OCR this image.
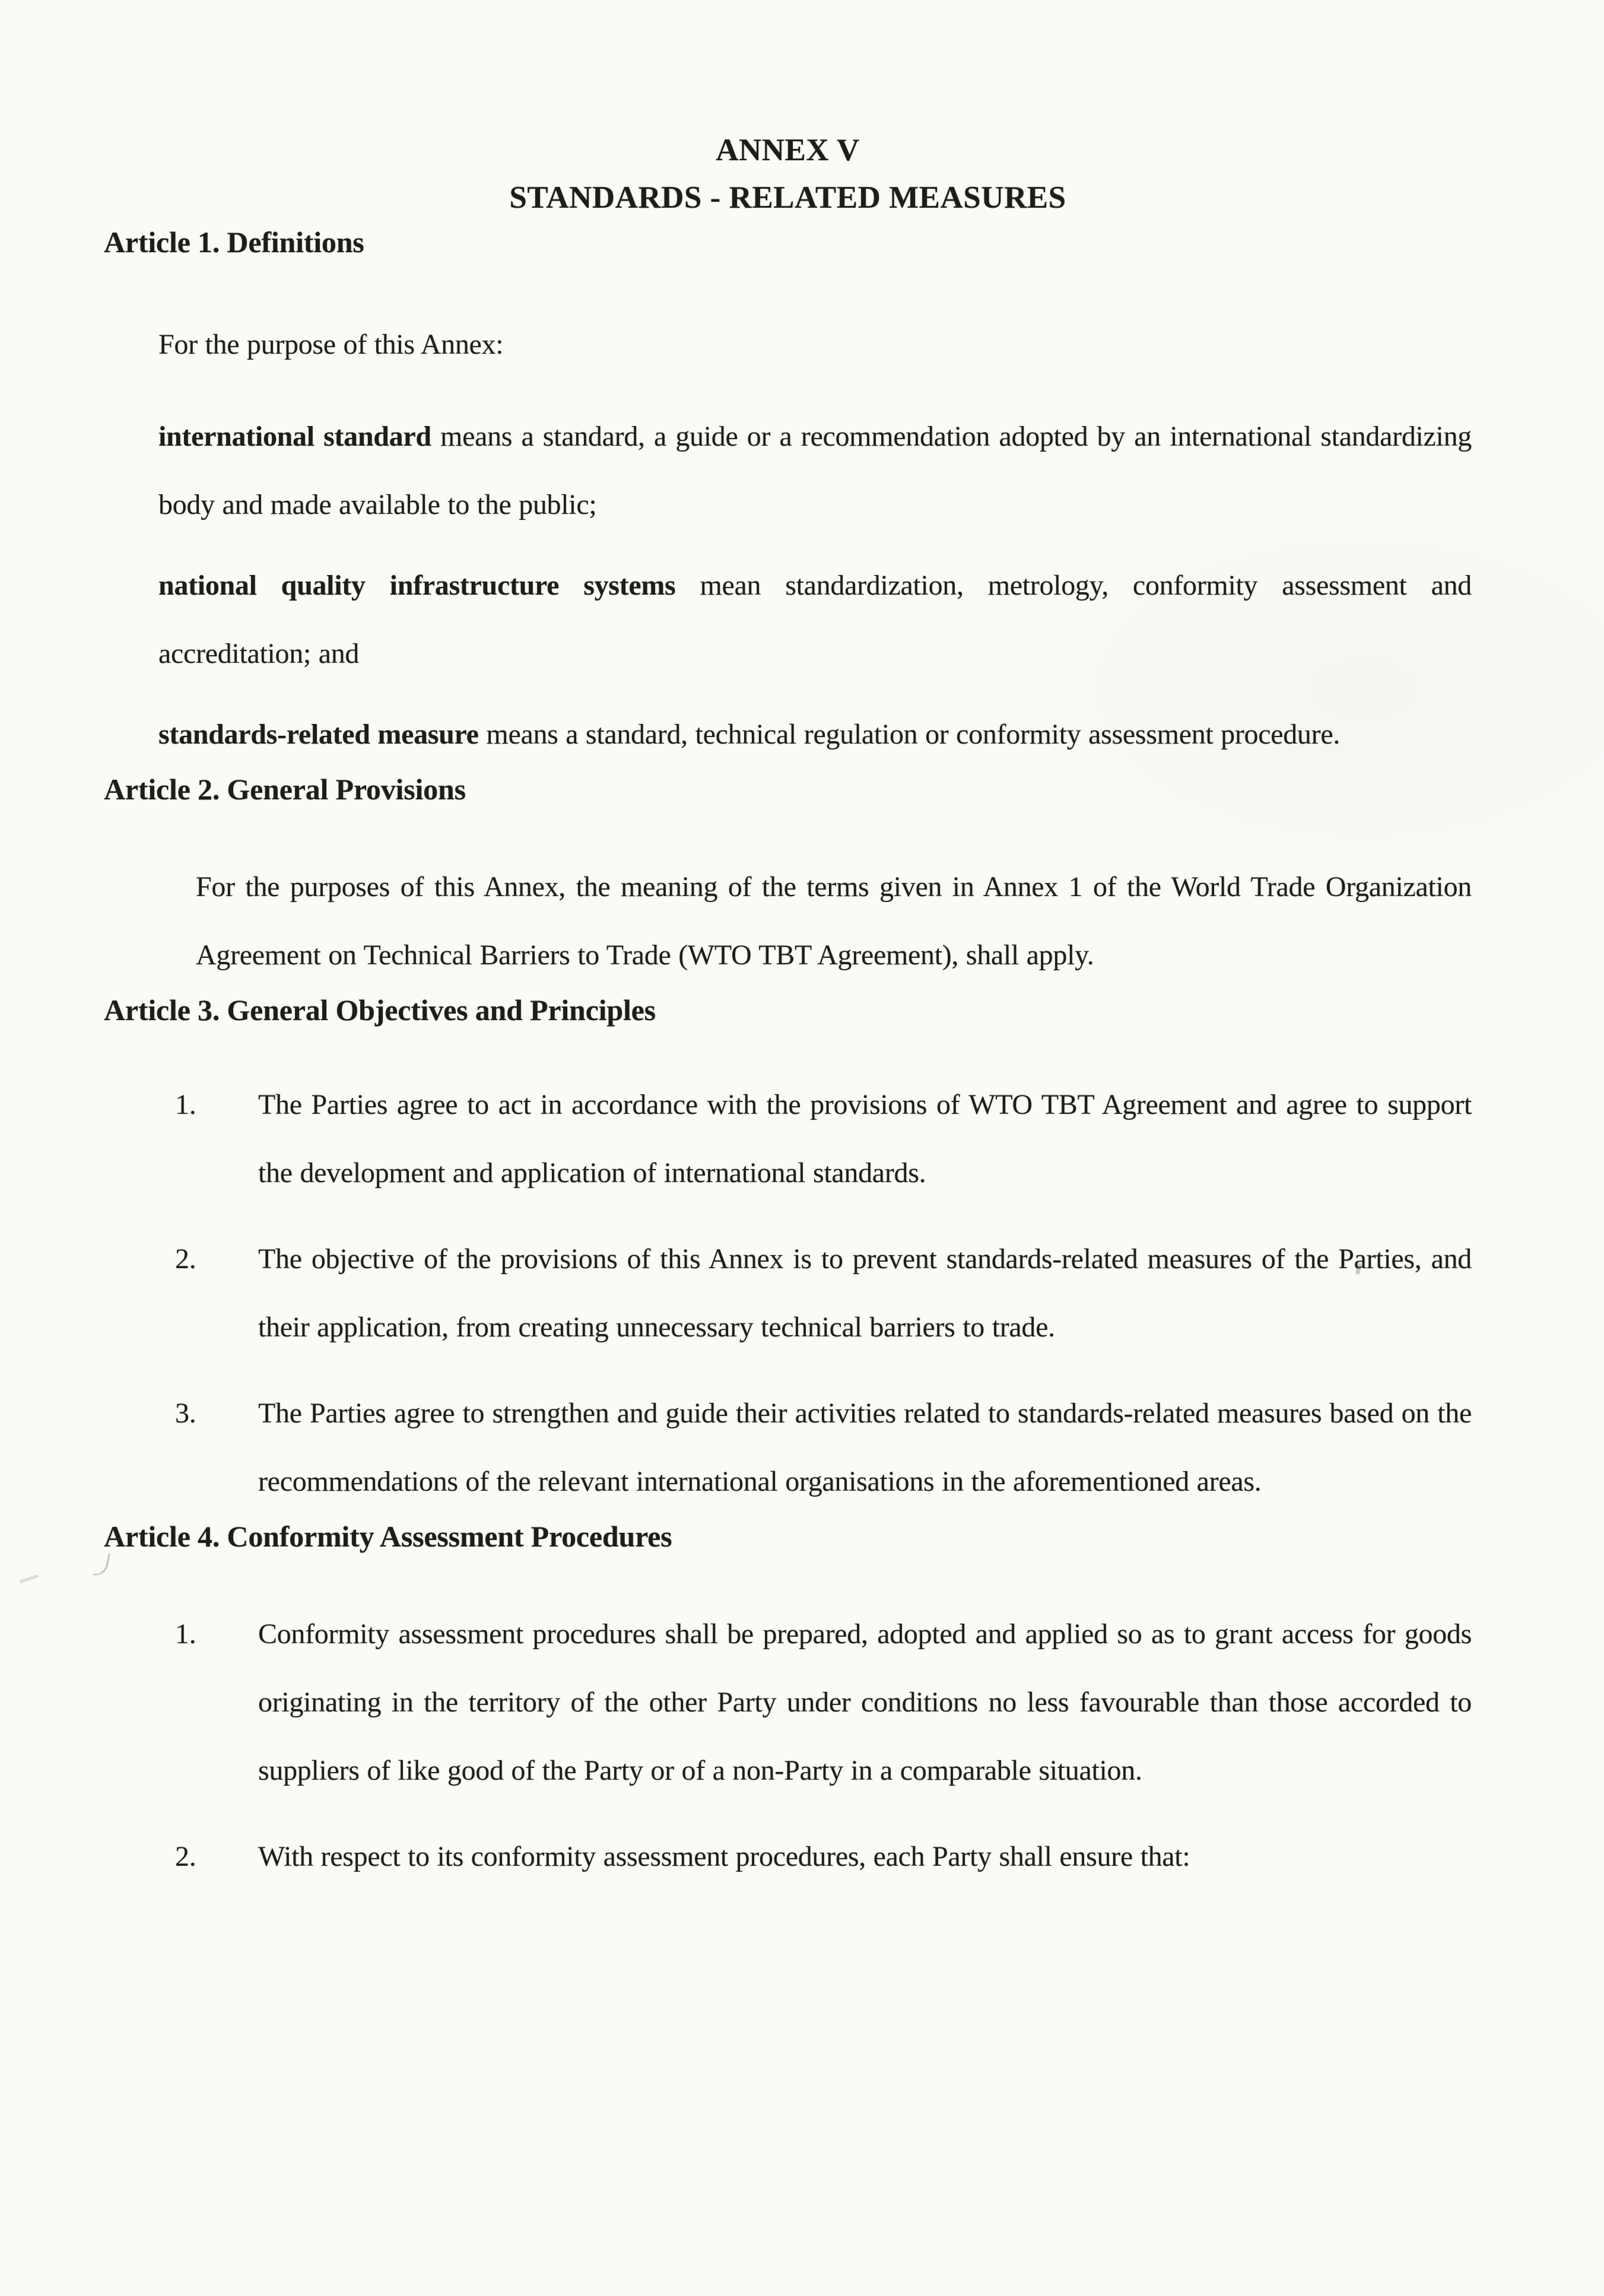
ANNEX V
STANDARDS - RELATED MEASURES
Article 1. Definitions

For the purpose of this Annex:

international standard means a standard, a guide or a recommendation adopted by an international standardizing body and made available to the public;

national quality infrastructure systems mean standardization, metrology, conformity assessment and accreditation; and

standards-related measure means a standard, technical regulation or conformity assessment procedure.

Article 2. General Provisions

For the purposes of this Annex, the meaning of the terms given in Annex 1 of the World Trade Organization Agreement on Technical Barriers to Trade (WTO TBT Agreement), shall apply.

Article 3. General Objectives and Principles
1.	The Parties agree to act in accordance with the provisions of WTO TBT Agreement and agree to support the development and application of international standards.
2.	The objective of the provisions of this Annex is to prevent standards-related measures of the Parties, and their application, from creating unnecessary technical barriers to trade.
3.	The Parties agree to strengthen and guide their activities related to standards-related measures based on the recommendations of the relevant international organisations in the aforementioned areas.
Article 4. Conformity Assessment Procedures
1.	Conformity assessment procedures shall be prepared, adopted and applied so as to grant access for goods originating in the territory of the other Party under conditions no less favourable than those accorded to suppliers of like good of the Party or of a non-Party in a comparable situation.
2.	With respect to its conformity assessment procedures, each Party shall ensure that:
